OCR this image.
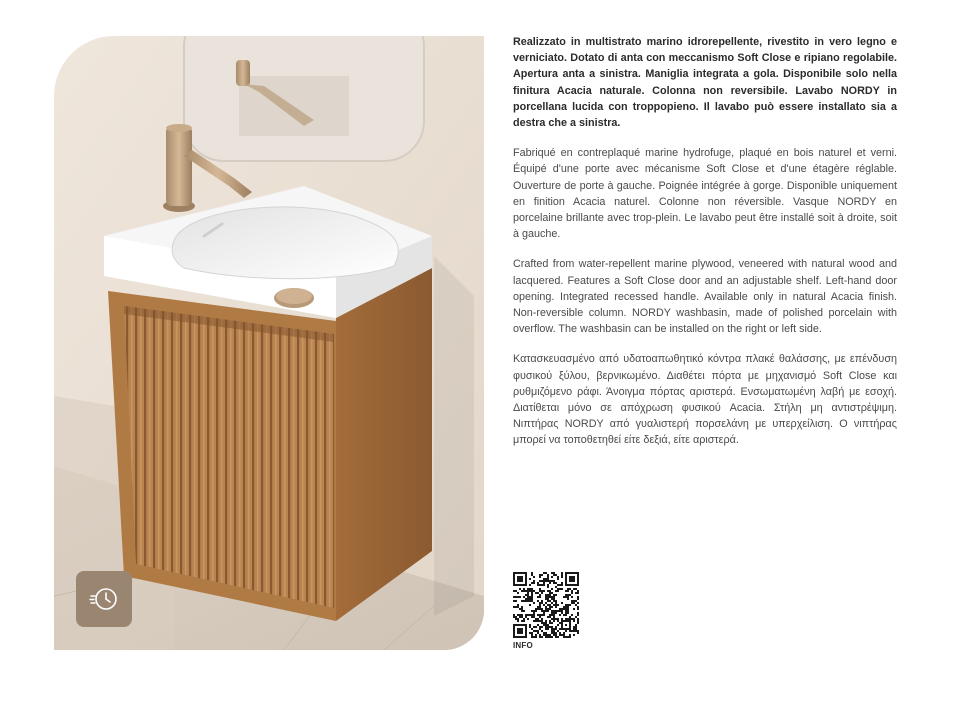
Realizzato in multistrato marino idrorepellente, rivestito in vero legno e verniciato. Dotato di anta con meccanismo Soft Close e ripiano regolabile. Apertura anta a sinistra. Maniglia integrata a gola. Disponibile solo nella finitura Acacia naturale. Colonna non reversibile. Lavabo NORDY in porcellana lucida con troppopieno. Il lavabo può essere installato sia a destra che a sinistra.

Fabriqué en contreplaqué marine hydrofuge, plaqué en bois naturel et verni. Équipé d'une porte avec mécanisme Soft Close et d'une étagère réglable. Ouverture de porte à gauche. Poignée intégrée à gorge. Disponible uniquement en finition Acacia naturel. Colonne non réversible. Vasque NORDY en porcelaine brillante avec trop-plein. Le lavabo peut être installé soit à droite, soit à gauche.

Crafted from water-repellent marine plywood, veneered with natural wood and lacquered. Features a Soft Close door and an adjustable shelf. Left-hand door opening. Integrated recessed handle. Available only in natural Acacia finish. Non-reversible column. NORDY washbasin, made of polished porcelain with overflow. The washbasin can be installed on the right or left side.

Κατασκευασμένο από υδατοαπωθητικό κόντρα πλακέ θαλάσσης, με επένδυση φυσικού ξύλου, βερνικωμένο. Διαθέτει πόρτα με μηχανισμό Soft Close και ρυθμιζόμενο ράφι. Άνοιγμα πόρτας αριστερά. Ενσωματωμένη λαβή με εσοχή. Διατίθεται μόνο σε απόχρωση φυσικού Acacia. Στήλη μη αντιστρέψιμη. Νιπτήρας NORDY από γυαλιστερή πορσελάνη με υπερχείλιση. Ο νιπτήρας μπορεί να τοποθετηθεί είτε δεξιά, είτε αριστερά.

INFO
